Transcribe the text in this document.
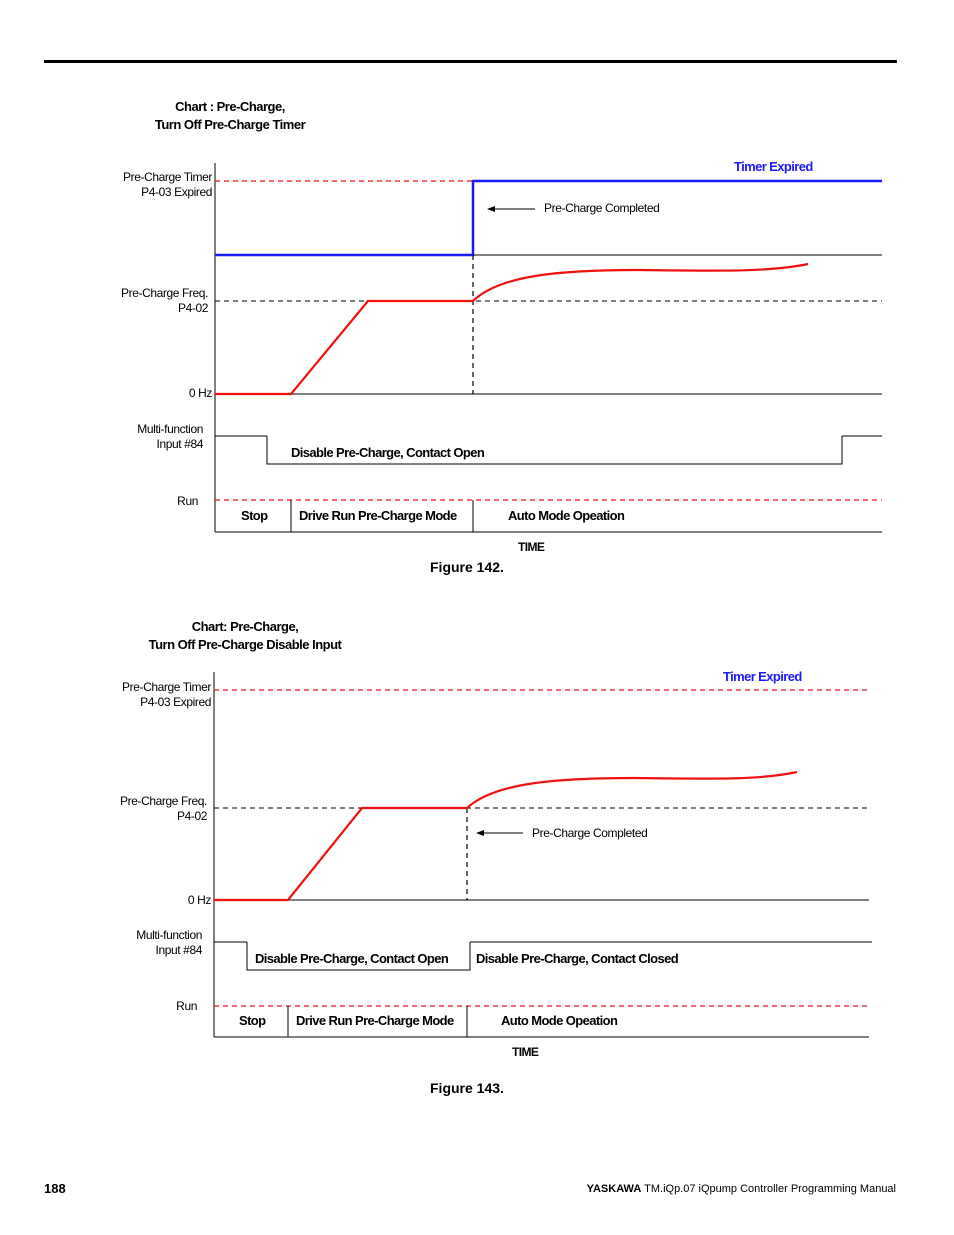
Chart : Pre-Charge,
Turn Off Pre-Charge Timer
Pre-Charge Timer
P4-03 Expired
Pre-Charge Freq.
P4-02
0 Hz
Multi-function
Input #84
Run
Timer Expired
Pre-Charge Completed
Disable Pre-Charge, Contact Open
Stop Drive Run Pre-Charge Mode	Auto Mode Opeation
TIME
Figure 142.
Chart: Pre-Charge,
Turn Off Pre-Charge Disable Input
Pre-Charge Timer
P4-03 Expired
Pre-Charge Freq.
P4-02
0 Hz
Multi-function
Input #84
Run
Timer Expired
Pre-Charge Completed
Disable Pre-Charge, Contact Open Disable Pre-Charge, Contact Closed
Stop Drive Run Pre-Charge Mode	Auto Mode Opeation
TIME
Figure 143.
188	YASKAWA TM.iQp.07 iQpump Controller Programming Manual
